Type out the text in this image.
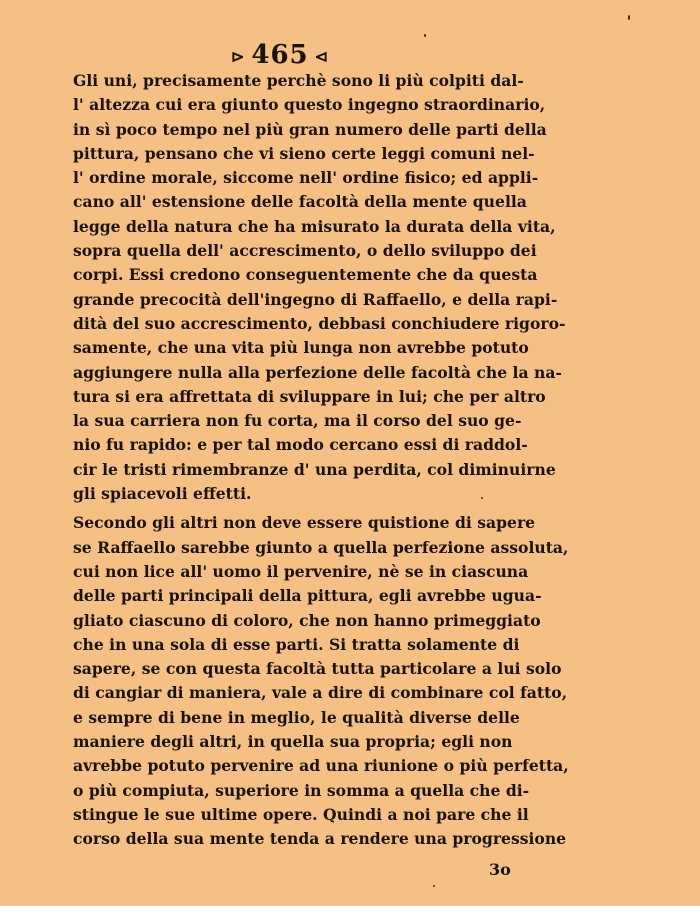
⊳ 465 ⊲
Gli uni, precisamente perchè sono li più colpiti dal-
l' altezza cui era giunto questo ingegno straordinario,
in sì poco tempo nel più gran numero delle parti della
pittura, pensano che vi sieno certe leggi comuni nel-
l' ordine morale, siccome nell' ordine fisico; ed appli-
cano all' estensione delle facoltà della mente quella
legge della natura che ha misurato la durata della vita,
sopra quella dell' accrescimento, o dello sviluppo dei
corpi. Essi credono conseguentemente che da questa
grande precocità dell'ingegno di Raffaello, e della rapi-
dità del suo accrescimento, debbasi conchiudere rigoro-
samente, che una vita più lunga non avrebbe potuto
aggiungere nulla alla perfezione delle facoltà che la na-
tura si era affrettata di sviluppare in lui; che per altro
la sua carriera non fu corta, ma il corso del suo ge-
nio fu rapido: e per tal modo cercano essi di raddol-
cir le tristi rimembranze d' una perdita, col diminuirne
gli spiacevoli effetti.
Secondo gli altri non deve essere quistione di sapere
se Raffaello sarebbe giunto a quella perfezione assoluta,
cui non lice all' uomo il pervenire, nè se in ciascuna
delle parti principali della pittura, egli avrebbe ugua-
gliato ciascuno di coloro, che non hanno primeggiato
che in una sola di esse parti. Si tratta solamente di
sapere, se con questa facoltà tutta particolare a lui solo
di cangiar di maniera, vale a dire di combinare col fatto,
e sempre di bene in meglio, le qualità diverse delle
maniere degli altri, in quella sua propria; egli non
avrebbe potuto pervenire ad una riunione o più perfetta,
o più compiuta, superiore in somma a quella che di-
stingue le sue ultime opere. Quindi a noi pare che il
corso della sua mente tenda a rendere una progressione
3o
